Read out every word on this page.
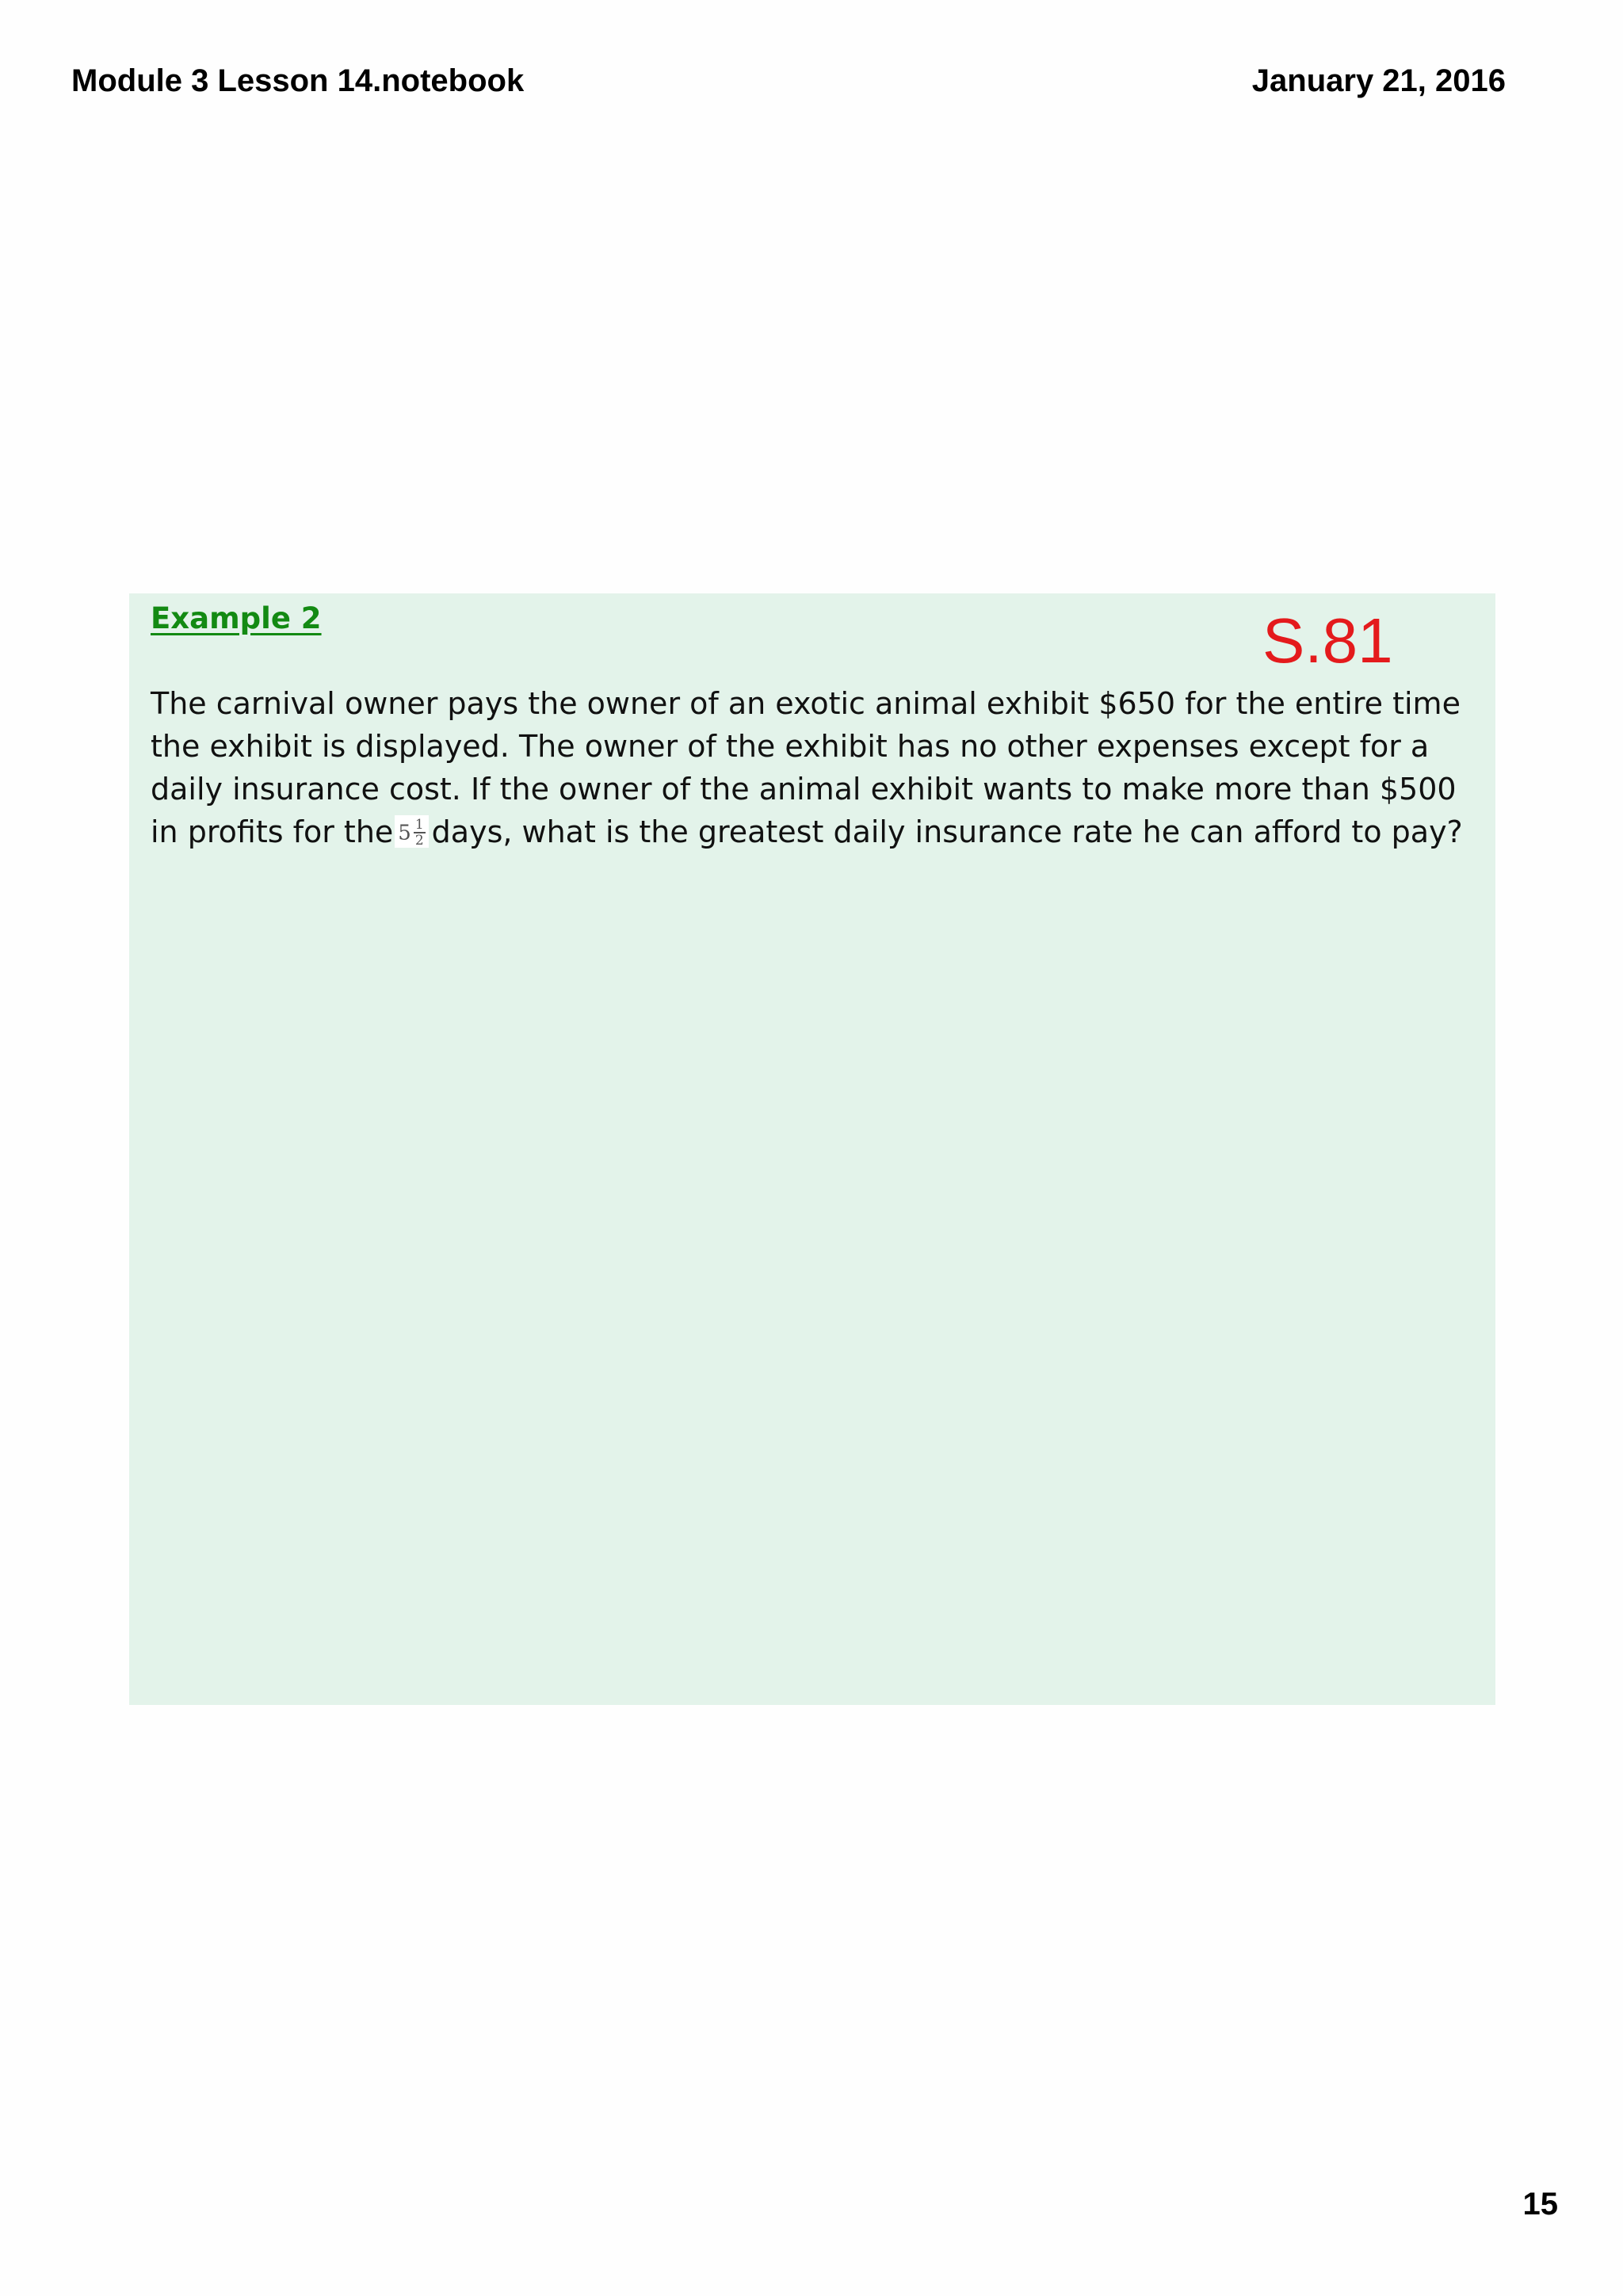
Module 3 Lesson 14.notebook	January 21, 2016
Example 2	S.81
The carnival owner pays the owner of an exotic animal exhibit $650 for the entire time the exhibit is displayed. The owner of the exhibit has no other expenses except for a daily insurance cost. If the owner of the animal exhibit wants to make more than $500 in profits for the $5 \frac{1}{2}$ days, what is the greatest daily insurance rate he can afford to pay?
15
